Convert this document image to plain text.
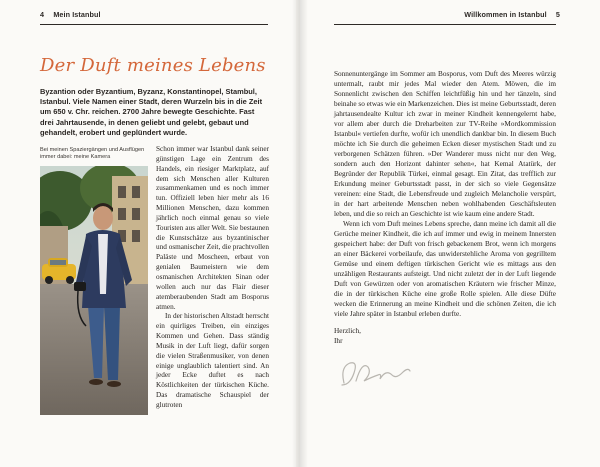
4 Mein Istanbul
Der Duft meines Lebens
Byzantion oder Byzantium, Byzanz, Konstantinopel, Stambul, Istanbul. Viele Namen einer Stadt, deren Wurzeln bis in die Zeit um 650 v. Chr. reichen. 2700 Jahre bewegte Geschichte. Fast drei Jahrtausende, in denen geliebt und gelebt, gebaut und gehandelt, erobert und geplündert wurde.
Bei meinen Spaziergängen und Ausflügen immer dabei: meine Kamera

Schon immer war Istanbul dank seiner günstigen Lage ein Zentrum des Handels, ein riesiger Marktplatz, auf dem sich Menschen aller Kulturen zusammenkamen und es noch immer tun. Offiziell leben hier mehr als 16 Millionen Menschen, dazu kommen jährlich noch einmal genau so viele Touristen aus aller Welt. Sie bestaunen die Kunstschätze aus byzantinischer und osmanischer Zeit, die prachtvollen Paläste und Moscheen, erbaut von genialen Baumeistern wie dem osmanischen Architekten Sinan oder wollen auch nur das Flair dieser atemberaubenden Stadt am Bosporus atmen.

In der historischen Altstadt herrscht ein quirliges Treiben, ein einziges Kommen und Gehen. Dass ständig Musik in der Luft liegt, dafür sorgen die vielen Straßenmusiker, von denen einige unglaublich talentiert sind. An jeder Ecke duftet es nach Köstlichkeiten der türkischen Küche. Das dramatische Schauspiel der glutroten

Willkommen in Istanbul 5

Sonnenuntergänge im Sommer am Bosporus, vom Duft des Meeres würzig untermalt, raubt mir jedes Mal wieder den Atem. Möwen, die im Sonnenlicht zwischen den Schiffen leichtfüßig hin und her tänzeln, sind beinahe so etwas wie ein Markenzeichen. Dies ist meine Geburtsstadt, deren jahrtausendealte Kultur ich zwar in meiner Kindheit kennengelernt habe, vor allem aber durch die Dreharbeiten zur TV-Reihe »Mordkommission Istanbul« vertiefen durfte, wofür ich unendlich dankbar bin. In diesem Buch möchte ich Sie durch die geheimen Ecken dieser mystischen Stadt und zu verborgenen Schätzen führen. »Der Wanderer muss nicht nur den Weg, sondern auch den Horizont dahinter sehen«, hat Kemal Atatürk, der Begründer der Republik Türkei, einmal gesagt. Ein Zitat, das trefflich zur Erkundung meiner Geburtsstadt passt, in der sich so viele Gegensätze vereinen: eine Stadt, die Lebensfreude und zugleich Melancholie verspürt, in der hart arbeitende Menschen neben wohlhabenden Geschäftsleuten leben, und die so reich an Geschichte ist wie kaum eine andere Stadt.

Wenn ich vom Duft meines Lebens spreche, dann meine ich damit all die Gerüche meiner Kindheit, die ich auf immer und ewig in meinem Innersten gespeichert habe: der Duft von frisch gebackenem Brot, wenn ich morgens an einer Bäckerei vorbeilaufe, das unwiderstehliche Aroma von gegrilltem Gemüse und einem deftigen türkischen Gericht wie es mittags aus den unzähligen Restaurants aufsteigt. Und nicht zuletzt der in der Luft liegende Duft von Gewürzen oder von aromatischen Kräutern wie frischer Minze, die in der türkischen Küche eine große Rolle spielen. Alle diese Düfte wecken die Erinnerung an meine Kindheit und die schönen Zeiten, die ich viele Jahre später in Istanbul erleben durfte.

Herzlich,
Ihr
